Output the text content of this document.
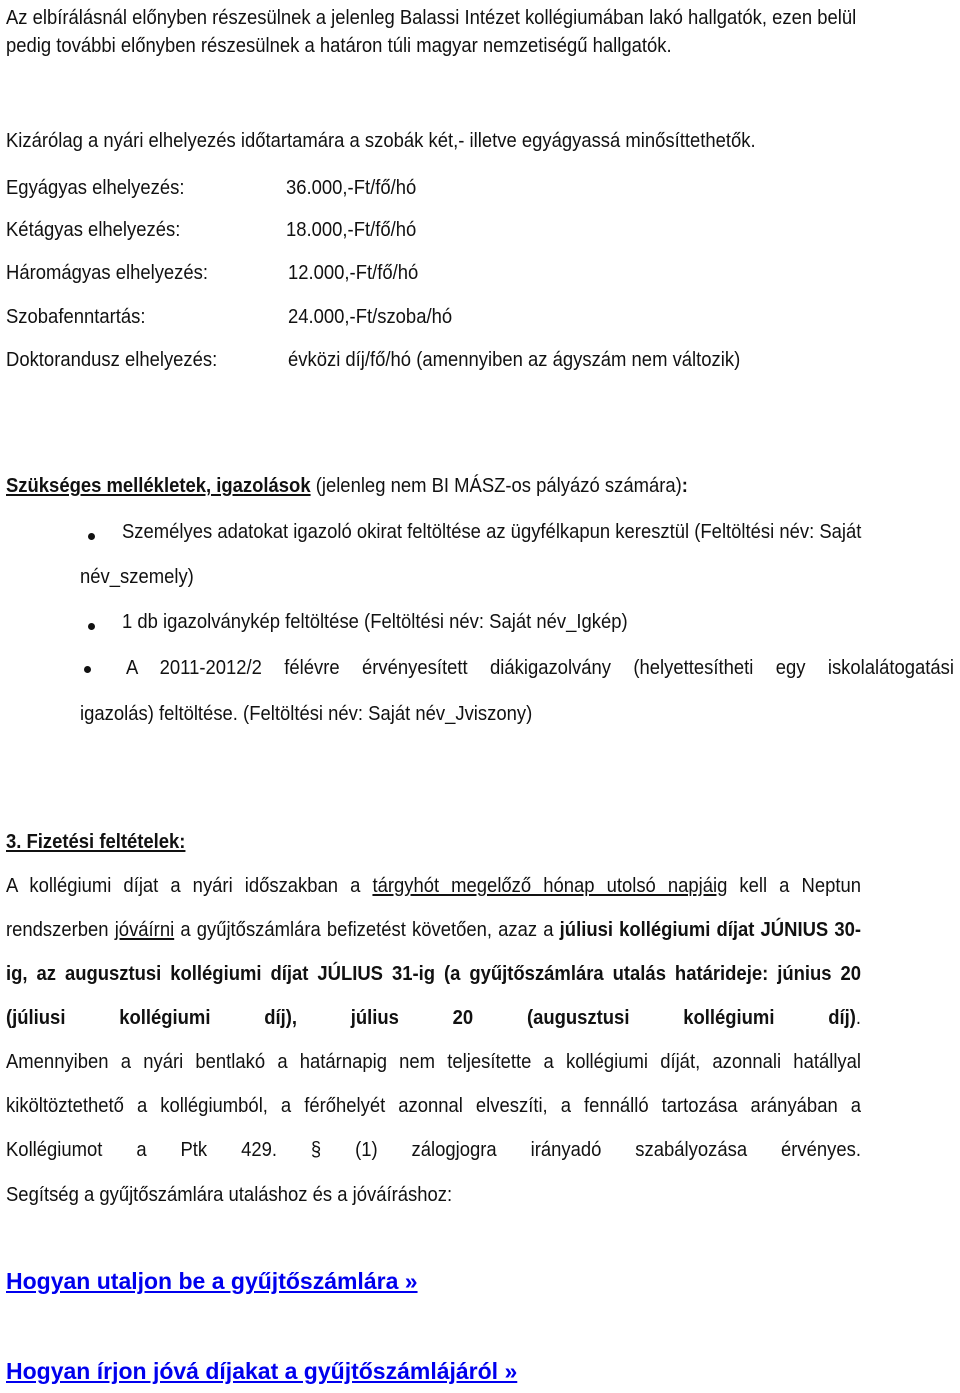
Az elbírálásnál előnyben részesülnek a jelenleg Balassi Intézet kollégiumában lakó hallgatók, ezen belül
pedig további előnyben részesülnek a határon túli magyar nemzetiségű hallgatók.
Kizárólag a nyári elhelyezés időtartamára a szobák két,- illetve egyágyassá minősíttethetők.
Egyágyas elhelyezés:	36.000,-Ft/fő/hó
Kétágyas elhelyezés:	18.000,-Ft/fő/hó
Háromágyas elhelyezés:	12.000,-Ft/fő/hó
Szobafenntartás:	24.000,-Ft/szoba/hó
Doktorandusz elhelyezés:	évközi díj/fő/hó (amennyiben az ágyszám nem változik)
Szükséges mellékletek, igazolások (jelenleg nem BI MÁSZ-os pályázó számára):
Személyes adatokat igazoló okirat feltöltése az ügyfélkapun keresztül (Feltöltési név: Saját
név_szemely)
1 db igazolványkép feltöltése (Feltöltési név: Saját név_Igkép)
A 2011-2012/2 félévre érvényesített diákigazolvány (helyettesítheti egy iskolalátogatási
igazolás) feltöltése. (Feltöltési név: Saját név_Jviszony)
3. Fizetési feltételek:
A kollégiumi díjat a nyári időszakban a tárgyhót megelőző hónap utolsó napjáig kell a Neptun rendszerben jóváírni a gyűjtőszámlára befizetést követően, azaz a júliusi kollégiumi díjat JÚNIUS 30-ig, az augusztusi kollégiumi díjat JÚLIUS 31-ig (a gyűjtőszámlára utalás határideje: június 20 (júliusi kollégiumi díj), július 20 (augusztusi kollégiumi díj).
Amennyiben a nyári bentlakó a határnapig nem teljesítette a kollégiumi díját, azonnali hatállyal kiköltöztethető a kollégiumból, a férőhelyét azonnal elveszíti, a fennálló tartozása arányában a Kollégiumot a Ptk 429. § (1) zálogjogra irányadó szabályozása érvényes.
Segítség a gyűjtőszámlára utaláshoz és a jóváíráshoz:
Hogyan utaljon be a gyűjtőszámlára »
Hogyan írjon jóvá díjakat a gyűjtőszámlájáról »
